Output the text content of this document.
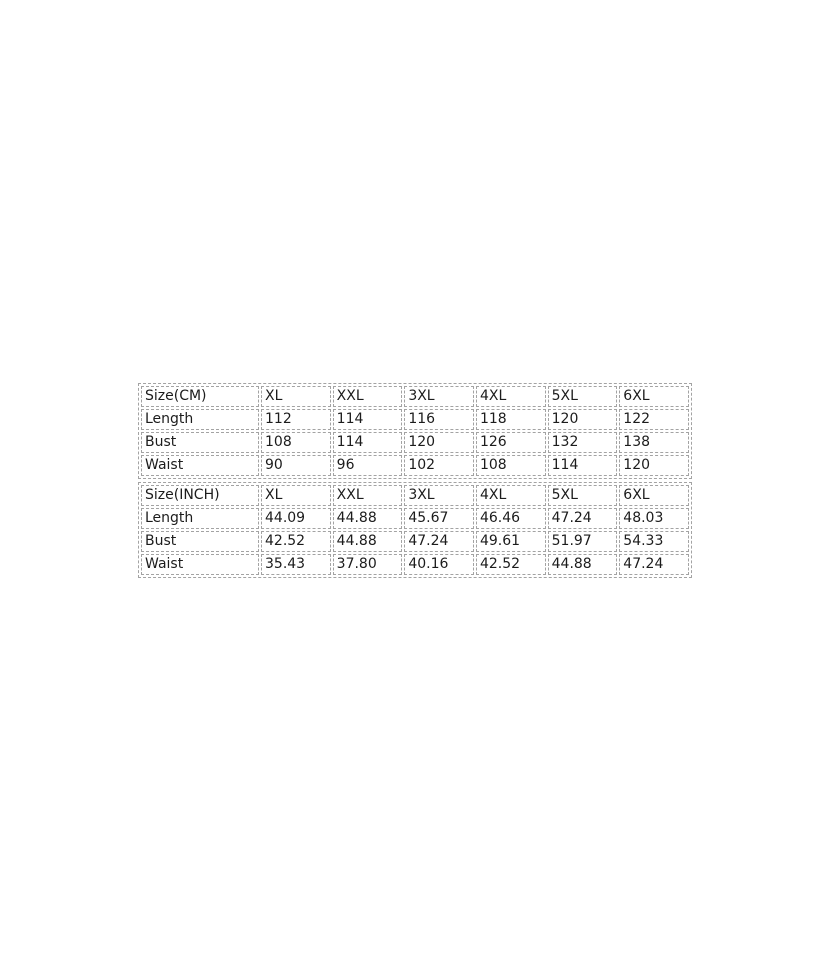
Size(CM)	XL	XXL	3XL	4XL	5XL	6XL
Length	112	114	116	118	120	122
Bust	108	114	120	126	132	138
Waist	90	96	102	108	114	120
Size(INCH)	XL	XXL	3XL	4XL	5XL	6XL
Length	44.09	44.88	45.67	46.46	47.24	48.03
Bust	42.52	44.88	47.24	49.61	51.97	54.33
Waist	35.43	37.80	40.16	42.52	44.88	47.24
